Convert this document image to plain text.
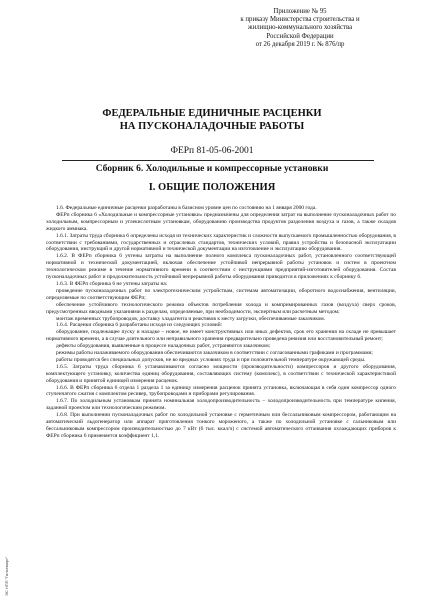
Приложение № 95
к приказу Министерства строительства и
жилищно-коммунального хозяйства
Российской Федерации
от 26 декабря 2019 г. № 876/пр
ФЕДЕРАЛЬНЫЕ ЕДИНИЧНЫЕ РАСЦЕНКИ
НА ПУСКОНАЛАДОЧНЫЕ РАБОТЫ
ФЕРп 81-05-06-2001
Сборник 6. Холодильные и компрессорные установки
I. ОБЩИЕ ПОЛОЖЕНИЯ

1.6. Федеральные единичные расценки разработаны в базисном уровне цен по состоянию на 1 января 2000 года.

ФЕРп сборника 6 «Холодильные и компрессорные установки» предназначены для определения затрат на выполнение пусконаладочных работ по холодильным, компрессорным и углекислотным установкам, оборудованию производства продуктов разделения воздуха и газов, а также складов жидкого аммиака.

1.6.1. Затраты труда сборника 6 определены исходя из технических характеристик и сложности выпускаемого промышленностью оборудования, в соответствии с требованиями, государственных и отраслевых стандартов, технических условий, правил устройства и безопасной эксплуатации оборудования, инструкций и другой нормативной и технической документации на изготовление и эксплуатацию оборудования.

1.6.2. В ФЕРп сборника 6 учтены затраты на выполнение полного комплекса пусконаладочных работ, установленного соответствующей нормативной и технической документацией, включая обеспечение устойчивой непрерывной работы установок и систем в проектном технологическом режиме в течение нормативного времени в соответствии с инструкциями предприятий-изготовителей оборудования. Состав пусконаладочных работ и продолжительность устойчивой непрерывной работы оборудования приводится в приложениях к сборнику 6.

1.6.3. В ФЕРп сборника 6 не учтены затраты на:

проведение пусконаладочных работ по электротехническим устройствам, системам автоматизации, оборотного водоснабжения, вентиляции, определяемые по соответствующим ФЕРп;

обеспечение устойчивого технологического режима объектов потребления холода и компримированных газов (воздуха) сверх сроков, предусмотренных вводными указаниями к разделам, определяемые, при необходимости, экспертным или расчетным методом;

монтаж временных трубопроводов, доставку хладагента и реактивов к месту загрузки, обеспечиваемые заказчиком.

1.6.4. Расценки сборника 6 разработаны исходя из следующих условий:

оборудование, подлежащее пуску и наладке – новое, не имеет конструктивных или иных дефектов, срок его хранения на складе не превышает нормативного времени, а в случае длительного или неправильного хранения предварительно проведена ревизия или восстановительный ремонт;

дефекты оборудования, выявленные в процессе наладочных работ, устраняются заказчиком;

режимы работы налаживаемого оборудования обеспечиваются заказчиком в соответствии с согласованными графиками и программами;

работы проводятся без специальных допусков, не во вредных условиях труда и при положительной температуре окружающей среды.

1.6.5. Затраты труда сборника 6 устанавливаются согласно мощности (производительности) компрессоров и другого оборудования, комплектующего установку, количества единиц оборудования, составляющих систему (комплекс), в соответствии с технической характеристикой оборудования и принятой единицей измерения расценок.

1.6.6. В ФЕРп сборника 6 отдела 1 раздела 1 за единицу измерения расценок принята установка, включающая в себя один компрессор одного ступенчатого сжатия с комплектом ресивер, трубопроводами и приборами регулирования.

1.6.7. По холодильным установкам принята номинальная холодопроизводительность – холодопроизводительность при температуре кипения, заданной проектом или технологическим режимом.

1.6.8. При выполнении пусконаладочных работ по холодильной установке с герметичным или бессальниковым компрессором, работающим на автоматический льдогенератор или аппарат приготовления тонкого мороженого, а также по холодильной установке с сальниковым или бессальниковым компрессором производительностью до 7 кВт (6 тыс. ккал/ч) с системой автоматического оттаивания охлаждающих приборов к ФЕРп сборника 6 применяется коэффициент 1,1.

ЭС НПП "Гильемарт"
